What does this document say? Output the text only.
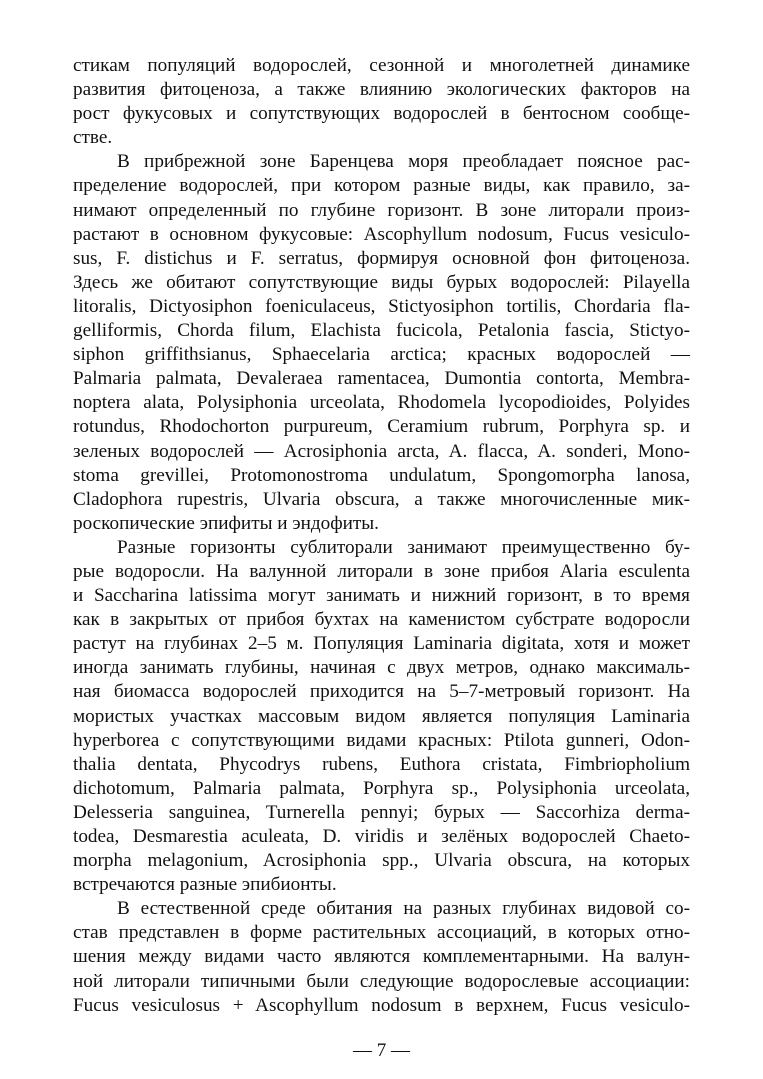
стикам популяций водорослей, сезонной и многолетней динамике
развития фитоценоза, а также влиянию экологических факторов на
рост фукусовых и сопутствующих водорослей в бентосном сообще-
стве.

В прибрежной зоне Баренцева моря преобладает поясное рас-
пределение водорослей, при котором разные виды, как правило, за-
нимают определенный по глубине горизонт. В зоне литорали произ-
растают в основном фукусовые: Ascophyllum nodosum, Fucus vesiculo-
sus, F. distichus и F. serratus, формируя основной фон фитоценоза.
Здесь же обитают сопутствующие виды бурых водорослей: Pilayella
litoralis, Dictyosiphon foeniculaceus, Stictyosiphon tortilis, Chordaria fla-
gelliformis, Chorda filum, Elachista fucicola, Petalonia fascia, Stictyo-
siphon griffithsianus, Sphaecelaria arctica; красных водорослей —
Palmaria palmata, Devaleraea ramentacea, Dumontia contorta, Membra-
noptera alata, Polysiphonia urceolata, Rhodomela lycopodioides, Polyides
rotundus, Rhodochorton purpureum, Ceramium rubrum, Porphyra sp. и
зеленых водорослей — Acrosiphonia arcta, A. flacca, A. sonderi, Mono-
stoma grevillei, Protomonostroma undulatum, Spongomorpha lanosa,
Cladophora rupestris, Ulvaria obscura, а также многочисленные мик-
роскопические эпифиты и эндофиты.

Разные горизонты сублиторали занимают преимущественно бу-
рые водоросли. На валунной литорали в зоне прибоя Alaria esculenta
и Saccharina latissima могут занимать и нижний горизонт, в то время
как в закрытых от прибоя бухтах на каменистом субстрате водоросли
растут на глубинах 2–5 м. Популяция Laminaria digitata, хотя и может
иногда занимать глубины, начиная с двух метров, однако максималь-
ная биомасса водорослей приходится на 5–7-метровый горизонт. На
мористых участках массовым видом является популяция Laminaria
hyperborea с сопутствующими видами красных: Ptilota gunneri, Odon-
thalia dentata, Phycodrys rubens, Euthora cristata, Fimbriopholium
dichotomum, Palmaria palmata, Porphyra sp., Polysiphonia urceolata,
Delesseria sanguinea, Turnerella pennyi; бурых — Saccorhiza derma-
todea, Desmarestia aculeata, D. viridis и зелёных водорослей Chaeto-
morpha melagonium, Acrosiphonia spp., Ulvaria obscura, на которых
встречаются разные эпибионты.

В естественной среде обитания на разных глубинах видовой со-
став представлен в форме растительных ассоциаций, в которых отно-
шения между видами часто являются комплементарными. На валун-
ной литорали типичными были следующие водорослевые ассоциации:
Fucus vesiculosus + Ascophyllum nodosum в верхнем, Fucus vesiculo-

— 7 —
